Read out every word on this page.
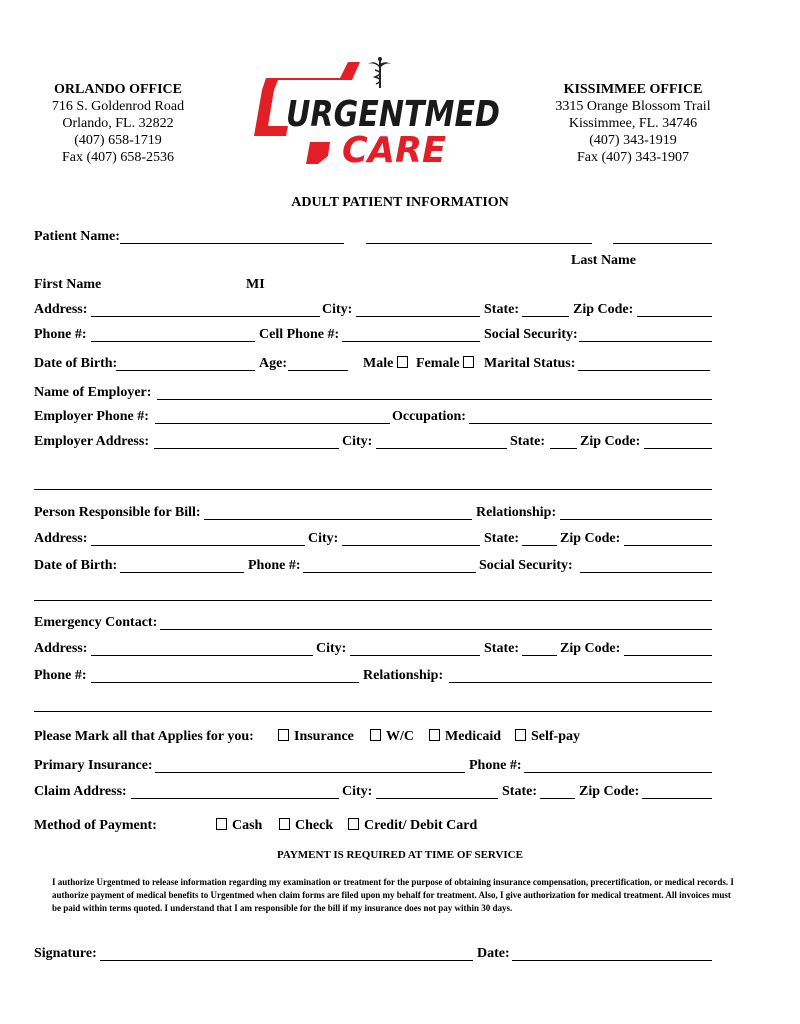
ORLANDO OFFICE
716 S. Goldenrod Road
Orlando, FL. 32822
(407) 658-1719
Fax (407) 658-2536
KISSIMMEE OFFICE
3315 Orange Blossom Trail
Kissimmee, FL. 34746
(407) 343-1919
Fax (407) 343-1907
URGENTMED
CARE
ADULT PATIENT INFORMATION
Patient Name:
Last Name
First Name	MI
Address:	City:	State:	Zip Code:
Phone #:	Cell Phone #:	Social Security:
Date of Birth:	Age:	Male	Female	Marital Status:
Name of Employer:
Employer Phone #:	Occupation:
Employer Address:	City:	State:	Zip Code:
Person Responsible for Bill:	Relationship:
Address:	City:	State:	Zip Code:
Date of Birth:	Phone #:	Social Security:
Emergency Contact:
Address:	City:	State:	Zip Code:
Phone #:	Relationship:
Please Mark all that Applies for you:	Insurance	W/C	Medicaid	Self-pay
Primary Insurance:	Phone #:
Claim Address:	City:	State:	Zip Code:
Method of Payment:	Cash	Check	Credit/ Debit Card
PAYMENT IS REQUIRED AT TIME OF SERVICE
I authorize Urgentmed to release information regarding my examination or treatment for the purpose of obtaining insurance compensation, precertification, or medical records. I authorize payment of medical benefits to Urgentmed when claim forms are filed upon my behalf for treatment. Also, I give authorization for medical treatment. All invoices must be paid within terms quoted. I understand that I am responsible for the bill if my insurance does not pay within 30 days.
Signature:	Date:
